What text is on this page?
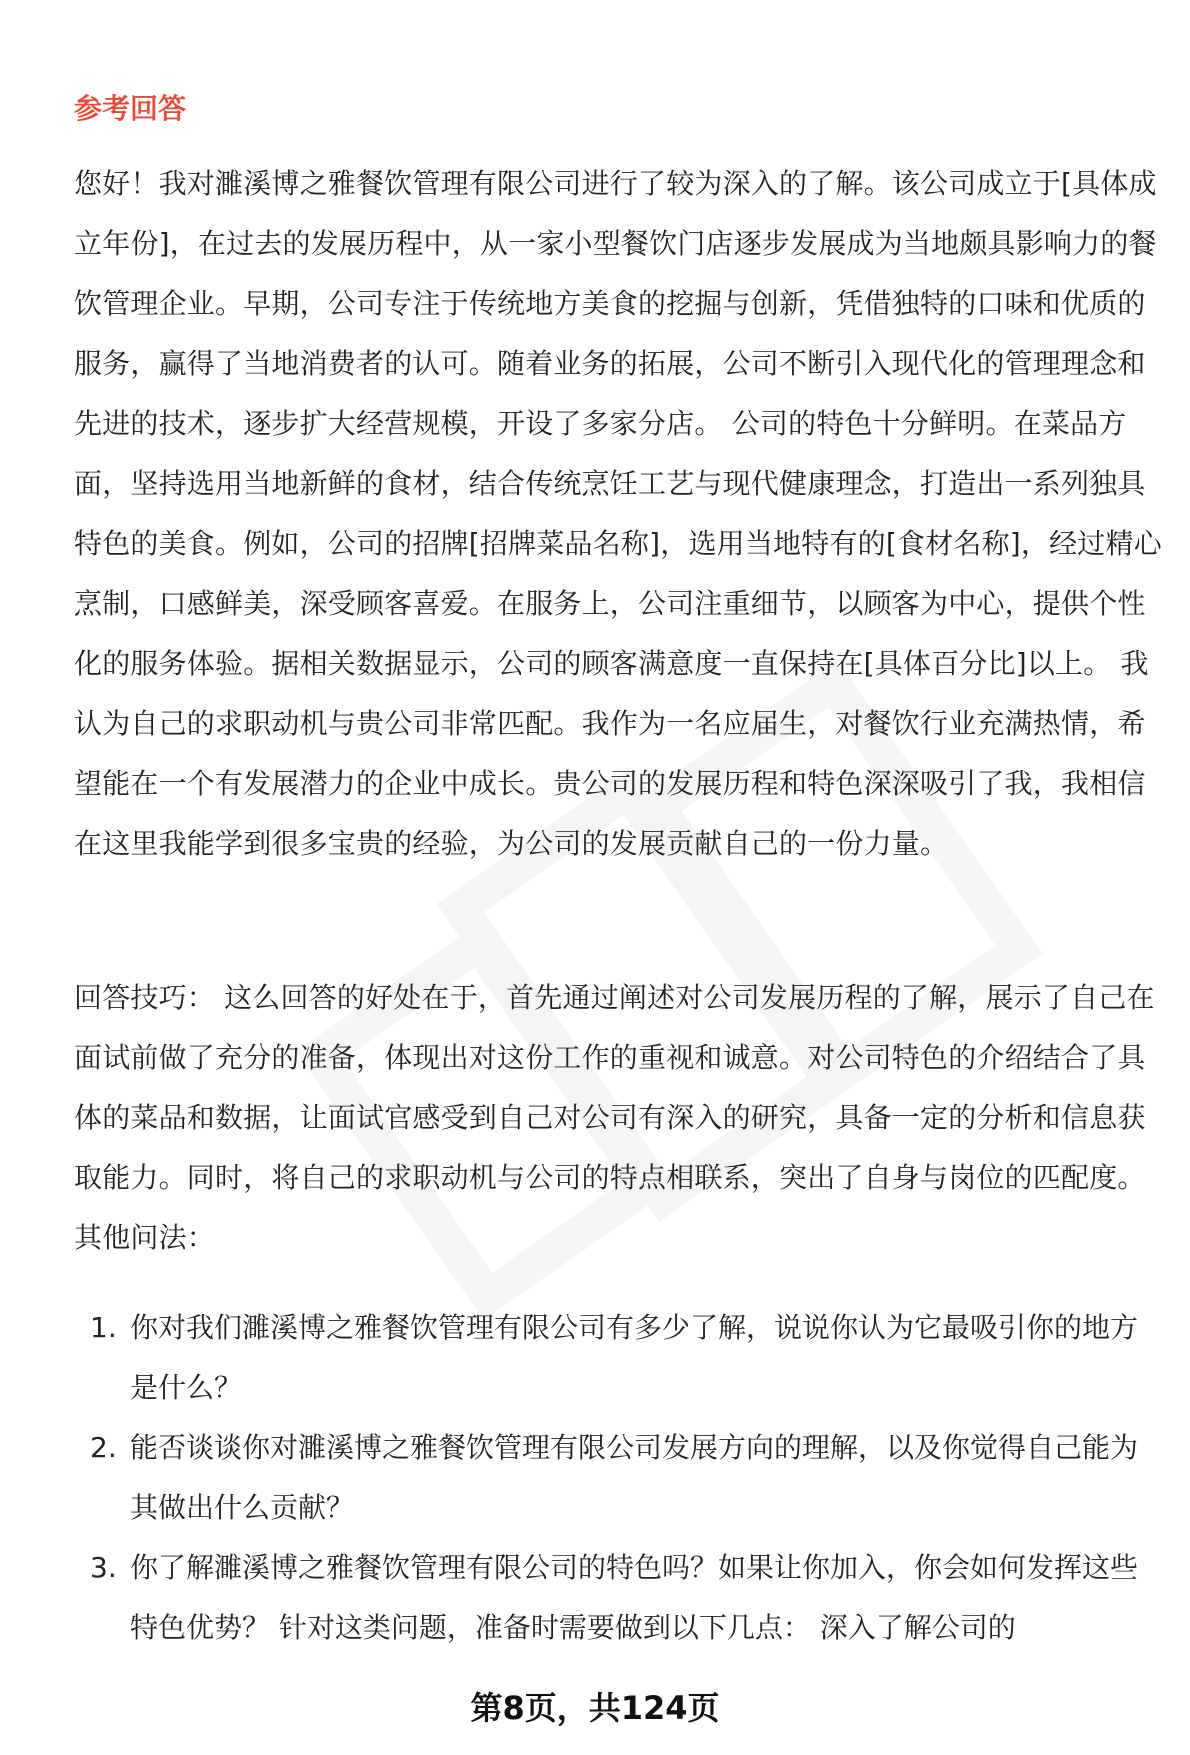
参考回答
您好！我对濉溪博之雅餐饮管理有限公司进行了较为深入的了解。该公司成立于[具体成立年份]，在过去的发展历程中，从一家小型餐饮门店逐步发展成为当地颇具影响力的餐饮管理企业。早期，公司专注于传统地方美食的挖掘与创新，凭借独特的口味和优质的服务，赢得了当地消费者的认可。随着业务的拓展，公司不断引入现代化的管理理念和先进的技术，逐步扩大经营规模，开设了多家分店。 公司的特色十分鲜明。在菜品方面，坚持选用当地新鲜的食材，结合传统烹饪工艺与现代健康理念，打造出一系列独具特色的美食。例如，公司的招牌[招牌菜品名称]，选用当地特有的[食材名称]，经过精心烹制，口感鲜美，深受顾客喜爱。在服务上，公司注重细节，以顾客为中心，提供个性化的服务体验。据相关数据显示，公司的顾客满意度一直保持在[具体百分比]以上。 我认为自己的求职动机与贵公司非常匹配。我作为一名应届生，对餐饮行业充满热情，希望能在一个有发展潜力的企业中成长。贵公司的发展历程和特色深深吸引了我，我相信在这里我能学到很多宝贵的经验，为公司的发展贡献自己的一份力量。
回答技巧： 这么回答的好处在于，首先通过阐述对公司发展历程的了解，展示了自己在面试前做了充分的准备，体现出对这份工作的重视和诚意。对公司特色的介绍结合了具体的菜品和数据，让面试官感受到自己对公司有深入的研究，具备一定的分析和信息获取能力。同时，将自己的求职动机与公司的特点相联系，突出了自身与岗位的匹配度。 其他问法：
1. 你对我们濉溪博之雅餐饮管理有限公司有多少了解，说说你认为它最吸引你的地方是什么？
2. 能否谈谈你对濉溪博之雅餐饮管理有限公司发展方向的理解，以及你觉得自己能为其做出什么贡献？
3. 你了解濉溪博之雅餐饮管理有限公司的特色吗？如果让你加入，你会如何发挥这些特色优势？ 针对这类问题，准备时需要做到以下几点： 深入了解公司的
第8页，共124页
